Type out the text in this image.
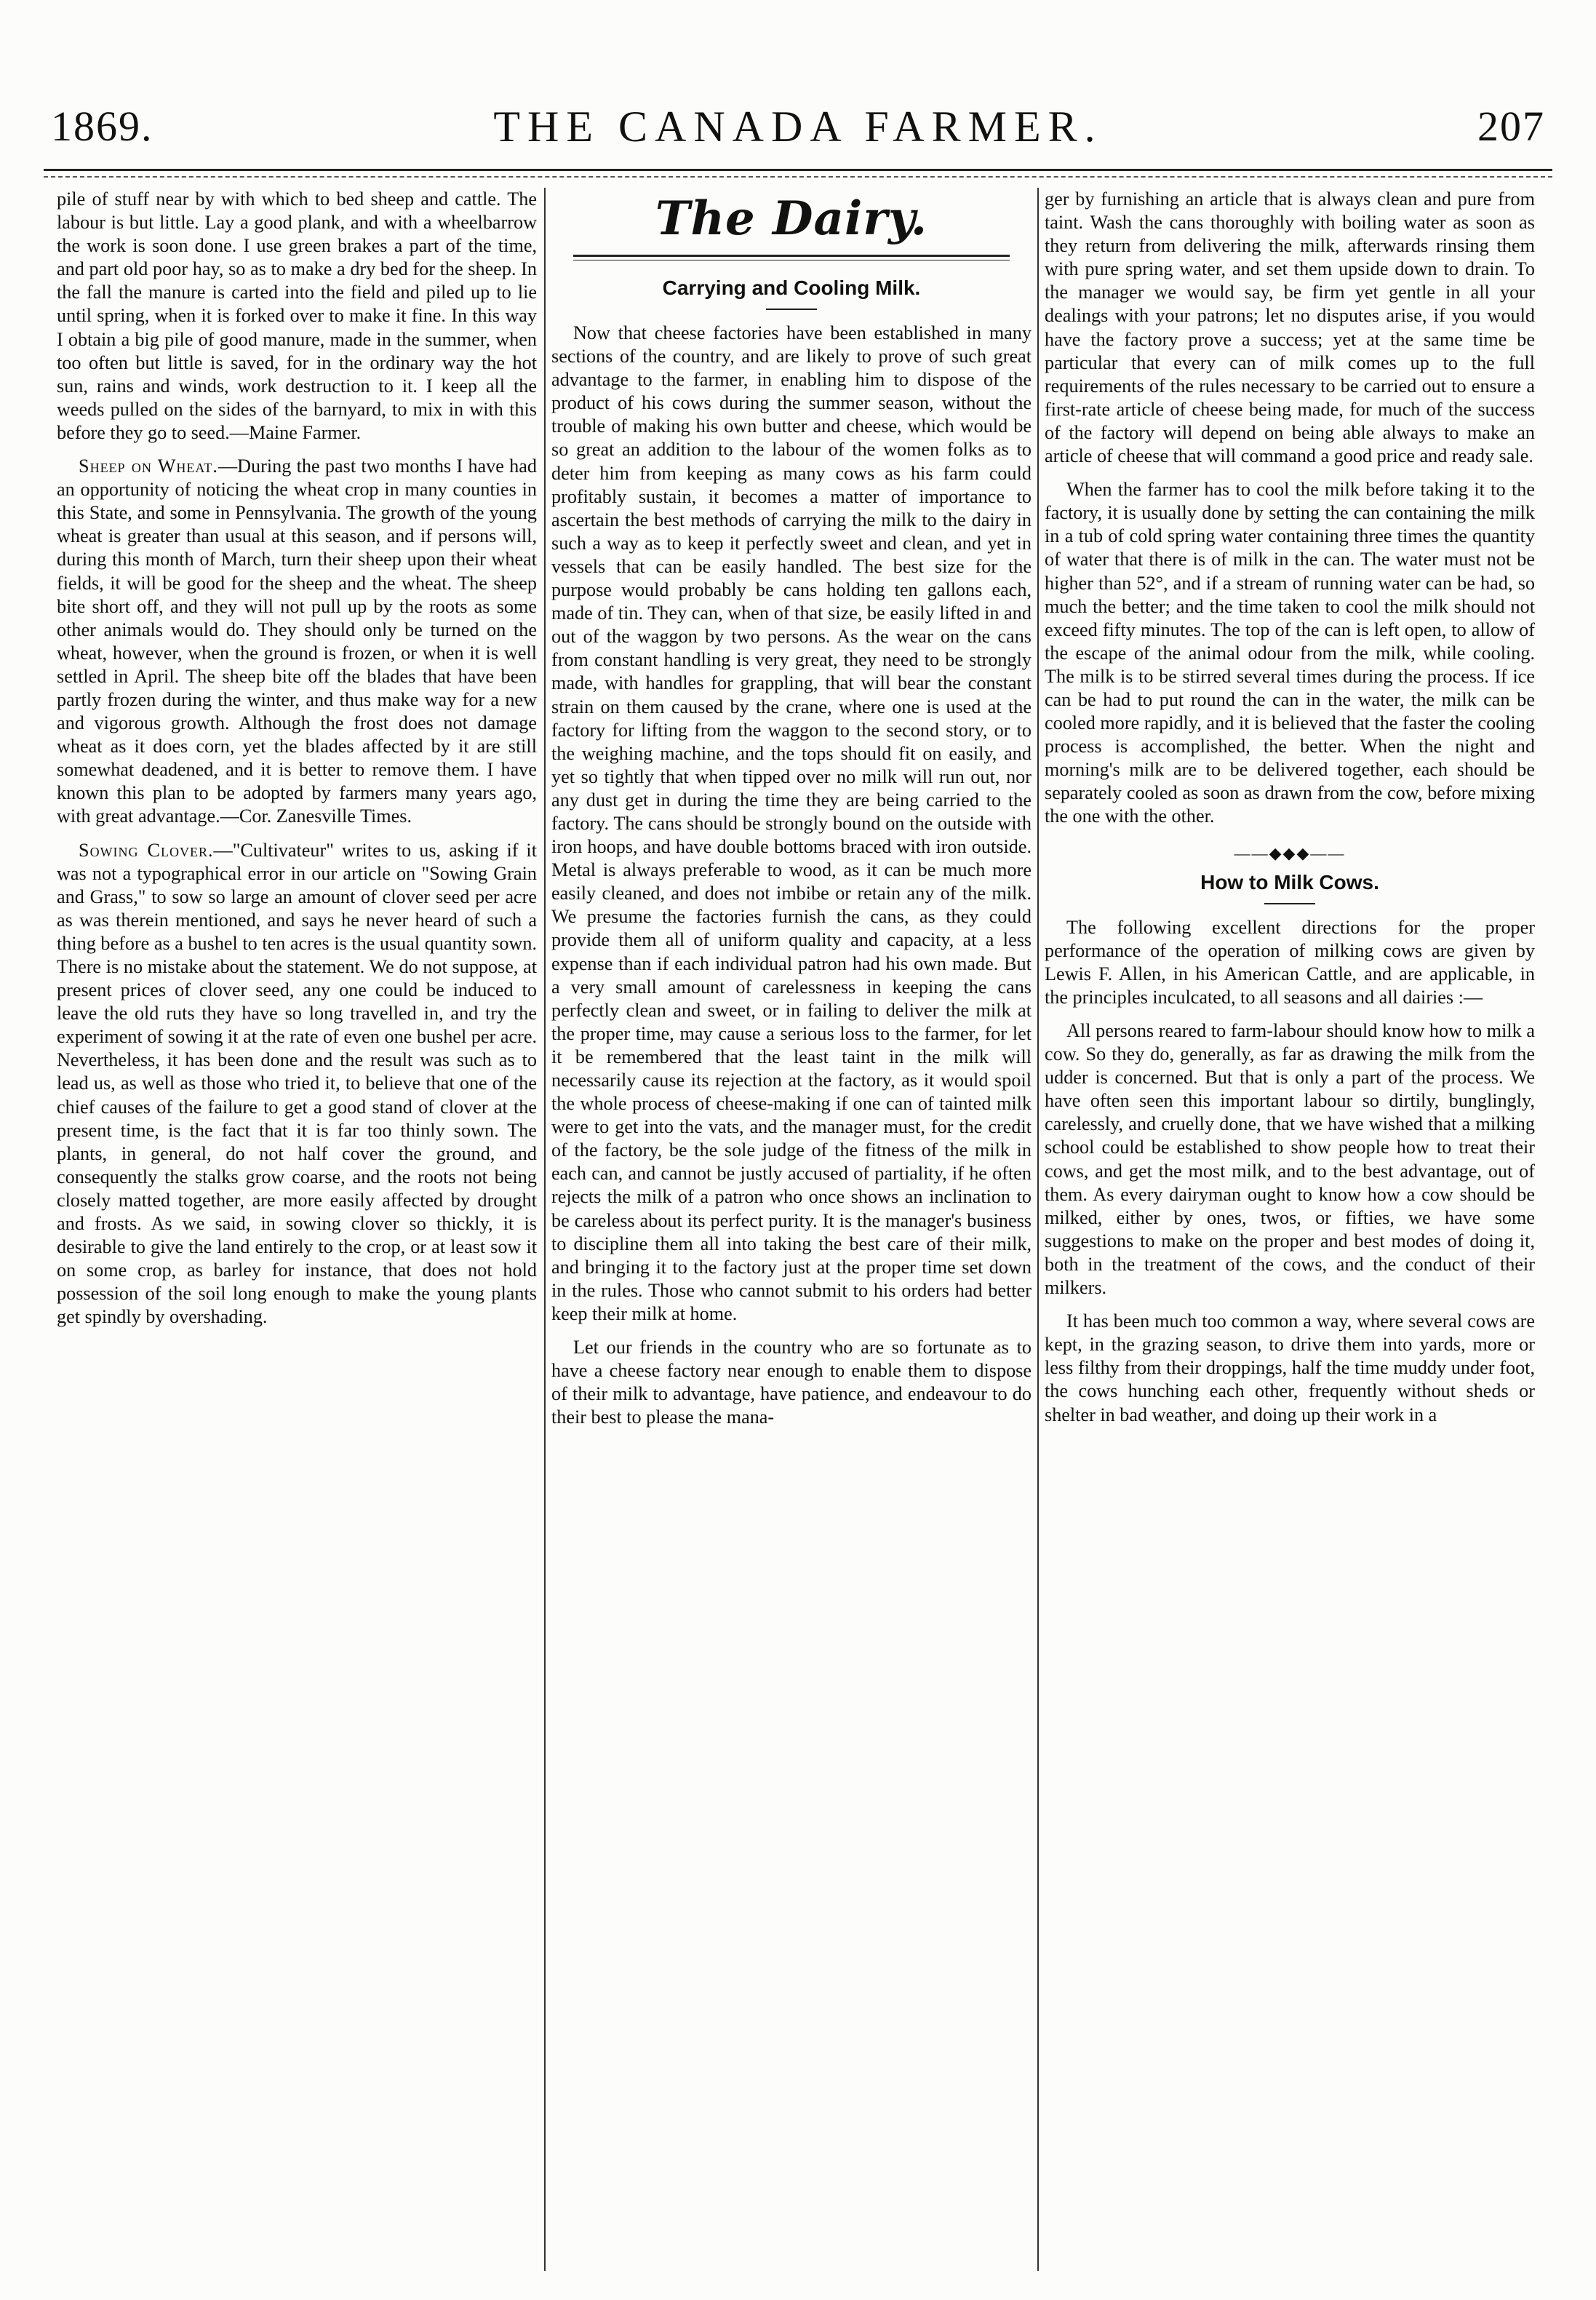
1869.	THE CANADA FARMER.	207

pile of stuff near by with which to bed sheep and cattle. The labour is but little. Lay a good plank, and with a wheelbarrow the work is soon done. I use green brakes a part of the time, and part old poor hay, so as to make a dry bed for the sheep. In the fall the manure is carted into the field and piled up to lie until spring, when it is forked over to make it fine. In this way I obtain a big pile of good manure, made in the summer, when too often but little is saved, for in the ordinary way the hot sun, rains and winds, work destruction to it. I keep all the weeds pulled on the sides of the barnyard, to mix in with this before they go to seed.—Maine Farmer.

Sheep on Wheat.—During the past two months I have had an opportunity of noticing the wheat crop in many counties in this State, and some in Pennsylvania. The growth of the young wheat is greater than usual at this season, and if persons will, during this month of March, turn their sheep upon their wheat fields, it will be good for the sheep and the wheat. The sheep bite short off, and they will not pull up by the roots as some other animals would do. They should only be turned on the wheat, however, when the ground is frozen, or when it is well settled in April. The sheep bite off the blades that have been partly frozen during the winter, and thus make way for a new and vigorous growth. Although the frost does not damage wheat as it does corn, yet the blades affected by it are still somewhat deadened, and it is better to remove them. I have known this plan to be adopted by farmers many years ago, with great advantage.—Cor. Zanesville Times.

Sowing Clover.—"Cultivateur" writes to us, asking if it was not a typographical error in our article on "Sowing Grain and Grass," to sow so large an amount of clover seed per acre as was therein mentioned, and says he never heard of such a thing before as a bushel to ten acres is the usual quantity sown. There is no mistake about the statement. We do not suppose, at present prices of clover seed, any one could be induced to leave the old ruts they have so long travelled in, and try the experiment of sowing it at the rate of even one bushel per acre. Nevertheless, it has been done and the result was such as to lead us, as well as those who tried it, to believe that one of the chief causes of the failure to get a good stand of clover at the present time, is the fact that it is far too thinly sown. The plants, in general, do not half cover the ground, and consequently the stalks grow coarse, and the roots not being closely matted together, are more easily affected by drought and frosts. As we said, in sowing clover so thickly, it is desirable to give the land entirely to the crop, or at least sow it on some crop, as barley for instance, that does not hold possession of the soil long enough to make the young plants get spindly by overshading.

The Dairy.
Carrying and Cooling Milk.

Now that cheese factories have been established in many sections of the country, and are likely to prove of such great advantage to the farmer, in enabling him to dispose of the product of his cows during the summer season, without the trouble of making his own butter and cheese, which would be so great an addition to the labour of the women folks as to deter him from keeping as many cows as his farm could profitably sustain, it becomes a matter of importance to ascertain the best methods of carrying the milk to the dairy in such a way as to keep it perfectly sweet and clean, and yet in vessels that can be easily handled. The best size for the purpose would probably be cans holding ten gallons each, made of tin. They can, when of that size, be easily lifted in and out of the waggon by two persons. As the wear on the cans from constant handling is very great, they need to be strongly made, with handles for grappling, that will bear the constant strain on them caused by the crane, where one is used at the factory for lifting from the waggon to the second story, or to the weighing machine, and the tops should fit on easily, and yet so tightly that when tipped over no milk will run out, nor any dust get in during the time they are being carried to the factory. The cans should be strongly bound on the outside with iron hoops, and have double bottoms braced with iron outside. Metal is always preferable to wood, as it can be much more easily cleaned, and does not imbibe or retain any of the milk. We presume the factories furnish the cans, as they could provide them all of uniform quality and capacity, at a less expense than if each individual patron had his own made. But a very small amount of carelessness in keeping the cans perfectly clean and sweet, or in failing to deliver the milk at the proper time, may cause a serious loss to the farmer, for let it be remembered that the least taint in the milk will necessarily cause its rejection at the factory, as it would spoil the whole process of cheese-making if one can of tainted milk were to get into the vats, and the manager must, for the credit of the factory, be the sole judge of the fitness of the milk in each can, and cannot be justly accused of partiality, if he often rejects the milk of a patron who once shows an inclination to be careless about its perfect purity. It is the manager's business to discipline them all into taking the best care of their milk, and bringing it to the factory just at the proper time set down in the rules. Those who cannot submit to his orders had better keep their milk at home.

Let our friends in the country who are so fortunate as to have a cheese factory near enough to enable them to dispose of their milk to advantage, have patience, and endeavour to do their best to please the mana-

ger by furnishing an article that is always clean and pure from taint. Wash the cans thoroughly with boiling water as soon as they return from delivering the milk, afterwards rinsing them with pure spring water, and set them upside down to drain. To the manager we would say, be firm yet gentle in all your dealings with your patrons; let no disputes arise, if you would have the factory prove a success; yet at the same time be particular that every can of milk comes up to the full requirements of the rules necessary to be carried out to ensure a first-rate article of cheese being made, for much of the success of the factory will depend on being able always to make an article of cheese that will command a good price and ready sale.

When the farmer has to cool the milk before taking it to the factory, it is usually done by setting the can containing the milk in a tub of cold spring water containing three times the quantity of water that there is of milk in the can. The water must not be higher than 52°, and if a stream of running water can be had, so much the better; and the time taken to cool the milk should not exceed fifty minutes. The top of the can is left open, to allow of the escape of the animal odour from the milk, while cooling. The milk is to be stirred several times during the process. If ice can be had to put round the can in the water, the milk can be cooled more rapidly, and it is believed that the faster the cooling process is accomplished, the better. When the night and morning's milk are to be delivered together, each should be separately cooled as soon as drawn from the cow, before mixing the one with the other.

——◆◆◆——
How to Milk Cows.

The following excellent directions for the proper performance of the operation of milking cows are given by Lewis F. Allen, in his American Cattle, and are applicable, in the principles inculcated, to all seasons and all dairies :—

All persons reared to farm-labour should know how to milk a cow. So they do, generally, as far as drawing the milk from the udder is concerned. But that is only a part of the process. We have often seen this important labour so dirtily, bunglingly, carelessly, and cruelly done, that we have wished that a milking school could be established to show people how to treat their cows, and get the most milk, and to the best advantage, out of them. As every dairyman ought to know how a cow should be milked, either by ones, twos, or fifties, we have some suggestions to make on the proper and best modes of doing it, both in the treatment of the cows, and the conduct of their milkers.

It has been much too common a way, where several cows are kept, in the grazing season, to drive them into yards, more or less filthy from their droppings, half the time muddy under foot, the cows hunching each other, frequently without sheds or shelter in bad weather, and doing up their work in a
